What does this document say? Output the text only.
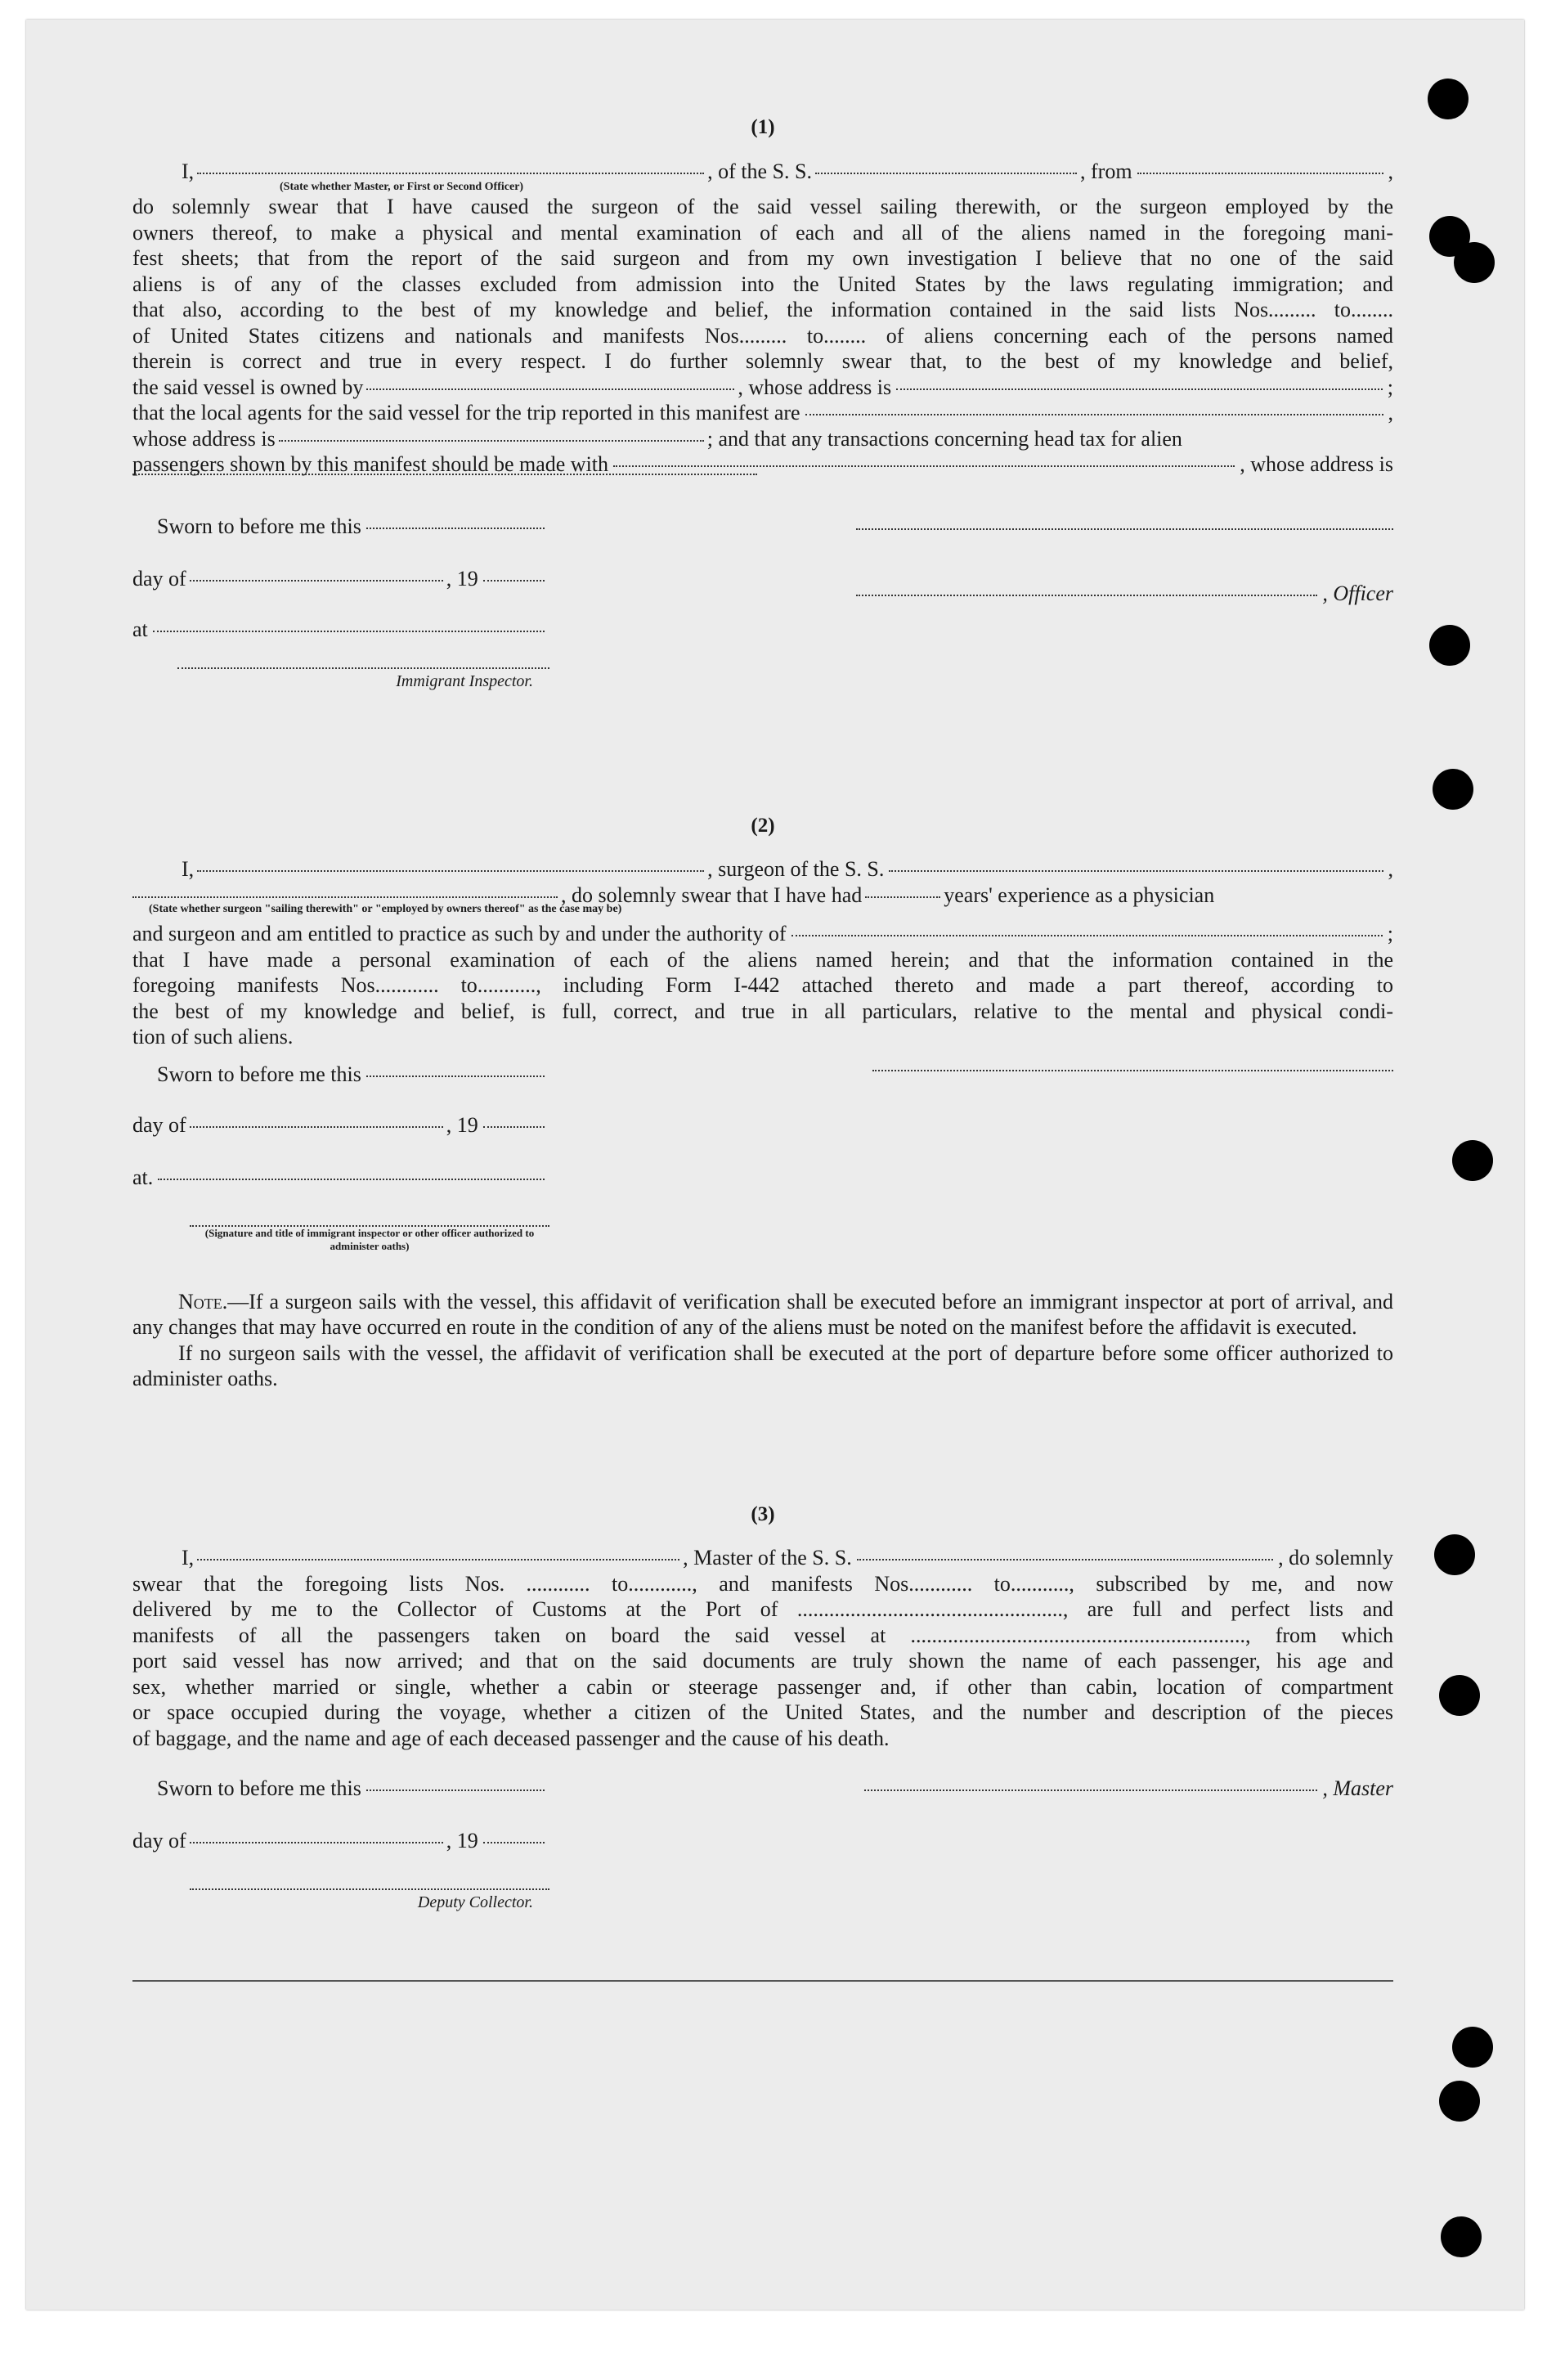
(1)
I,	, of the S. S.	, from	,
(State whether Master, or First or Second Officer)
do solemnly swear that I have caused the surgeon of the said vessel sailing therewith, or the surgeon employed by the
owners thereof, to make a physical and mental examination of each and all of the aliens named in the foregoing mani-
fest sheets; that from the report of the said surgeon and from my own investigation I believe that no one of the said
aliens is of any of the classes excluded from admission into the United States by the laws regulating immigration; and
that also, according to the best of my knowledge and belief, the information contained in the said lists Nos......... to........
of United States citizens and nationals and manifests Nos......... to........ of aliens concerning each of the persons named
therein is correct and true in every respect. I do further solemnly swear that, to the best of my knowledge and belief,
the said vessel is owned by	, whose address is	;
that the local agents for the said vessel for the trip reported in this manifest are	,
whose address is	; and that any transactions concerning head tax for alien
passengers shown by this manifest should be made with	, whose address is
Sworn to before me this
day of	, 19
at
Immigrant Inspector.
, Officer
(2)
I,	, surgeon of the S. S.	,
, do solemnly swear that I have had	years' experience as a physician
(State whether surgeon "sailing therewith" or "employed by owners thereof" as the case may be)
and surgeon and am entitled to practice as such by and under the authority of	;
that I have made a personal examination of each of the aliens named herein; and that the information contained in the
foregoing manifests Nos............ to..........., including Form I-442 attached thereto and made a part thereof, according to
the best of my knowledge and belief, is full, correct, and true in all particulars, relative to the mental and physical condi-
tion of such aliens.
Sworn to before me this
day of	, 19
at.
(Signature and title of immigrant inspector or other officer authorized to administer oaths)
Note.—If a surgeon sails with the vessel, this affidavit of verification shall be executed before an immigrant inspector at port of arrival, and any changes that may have occurred en route in the condition of any of the aliens must be noted on the manifest before the affidavit is executed.
If no surgeon sails with the vessel, the affidavit of verification shall be executed at the port of departure before some officer authorized to administer oaths.
(3)
I,	, Master of the S. S.	, do solemnly
swear that the foregoing lists Nos. ............ to............, and manifests Nos............ to..........., subscribed by me, and now
delivered by me to the Collector of Customs at the Port of .................................................., are full and perfect lists and
manifests of all the passengers taken on board the said vessel at ..............................................................., from which
port said vessel has now arrived; and that on the said documents are truly shown the name of each passenger, his age and
sex, whether married or single, whether a cabin or steerage passenger and, if other than cabin, location of compartment
or space occupied during the voyage, whether a citizen of the United States, and the number and description of the pieces
of baggage, and the name and age of each deceased passenger and the cause of his death.
Sworn to before me this
day of	, 19
Deputy Collector.
, Master
